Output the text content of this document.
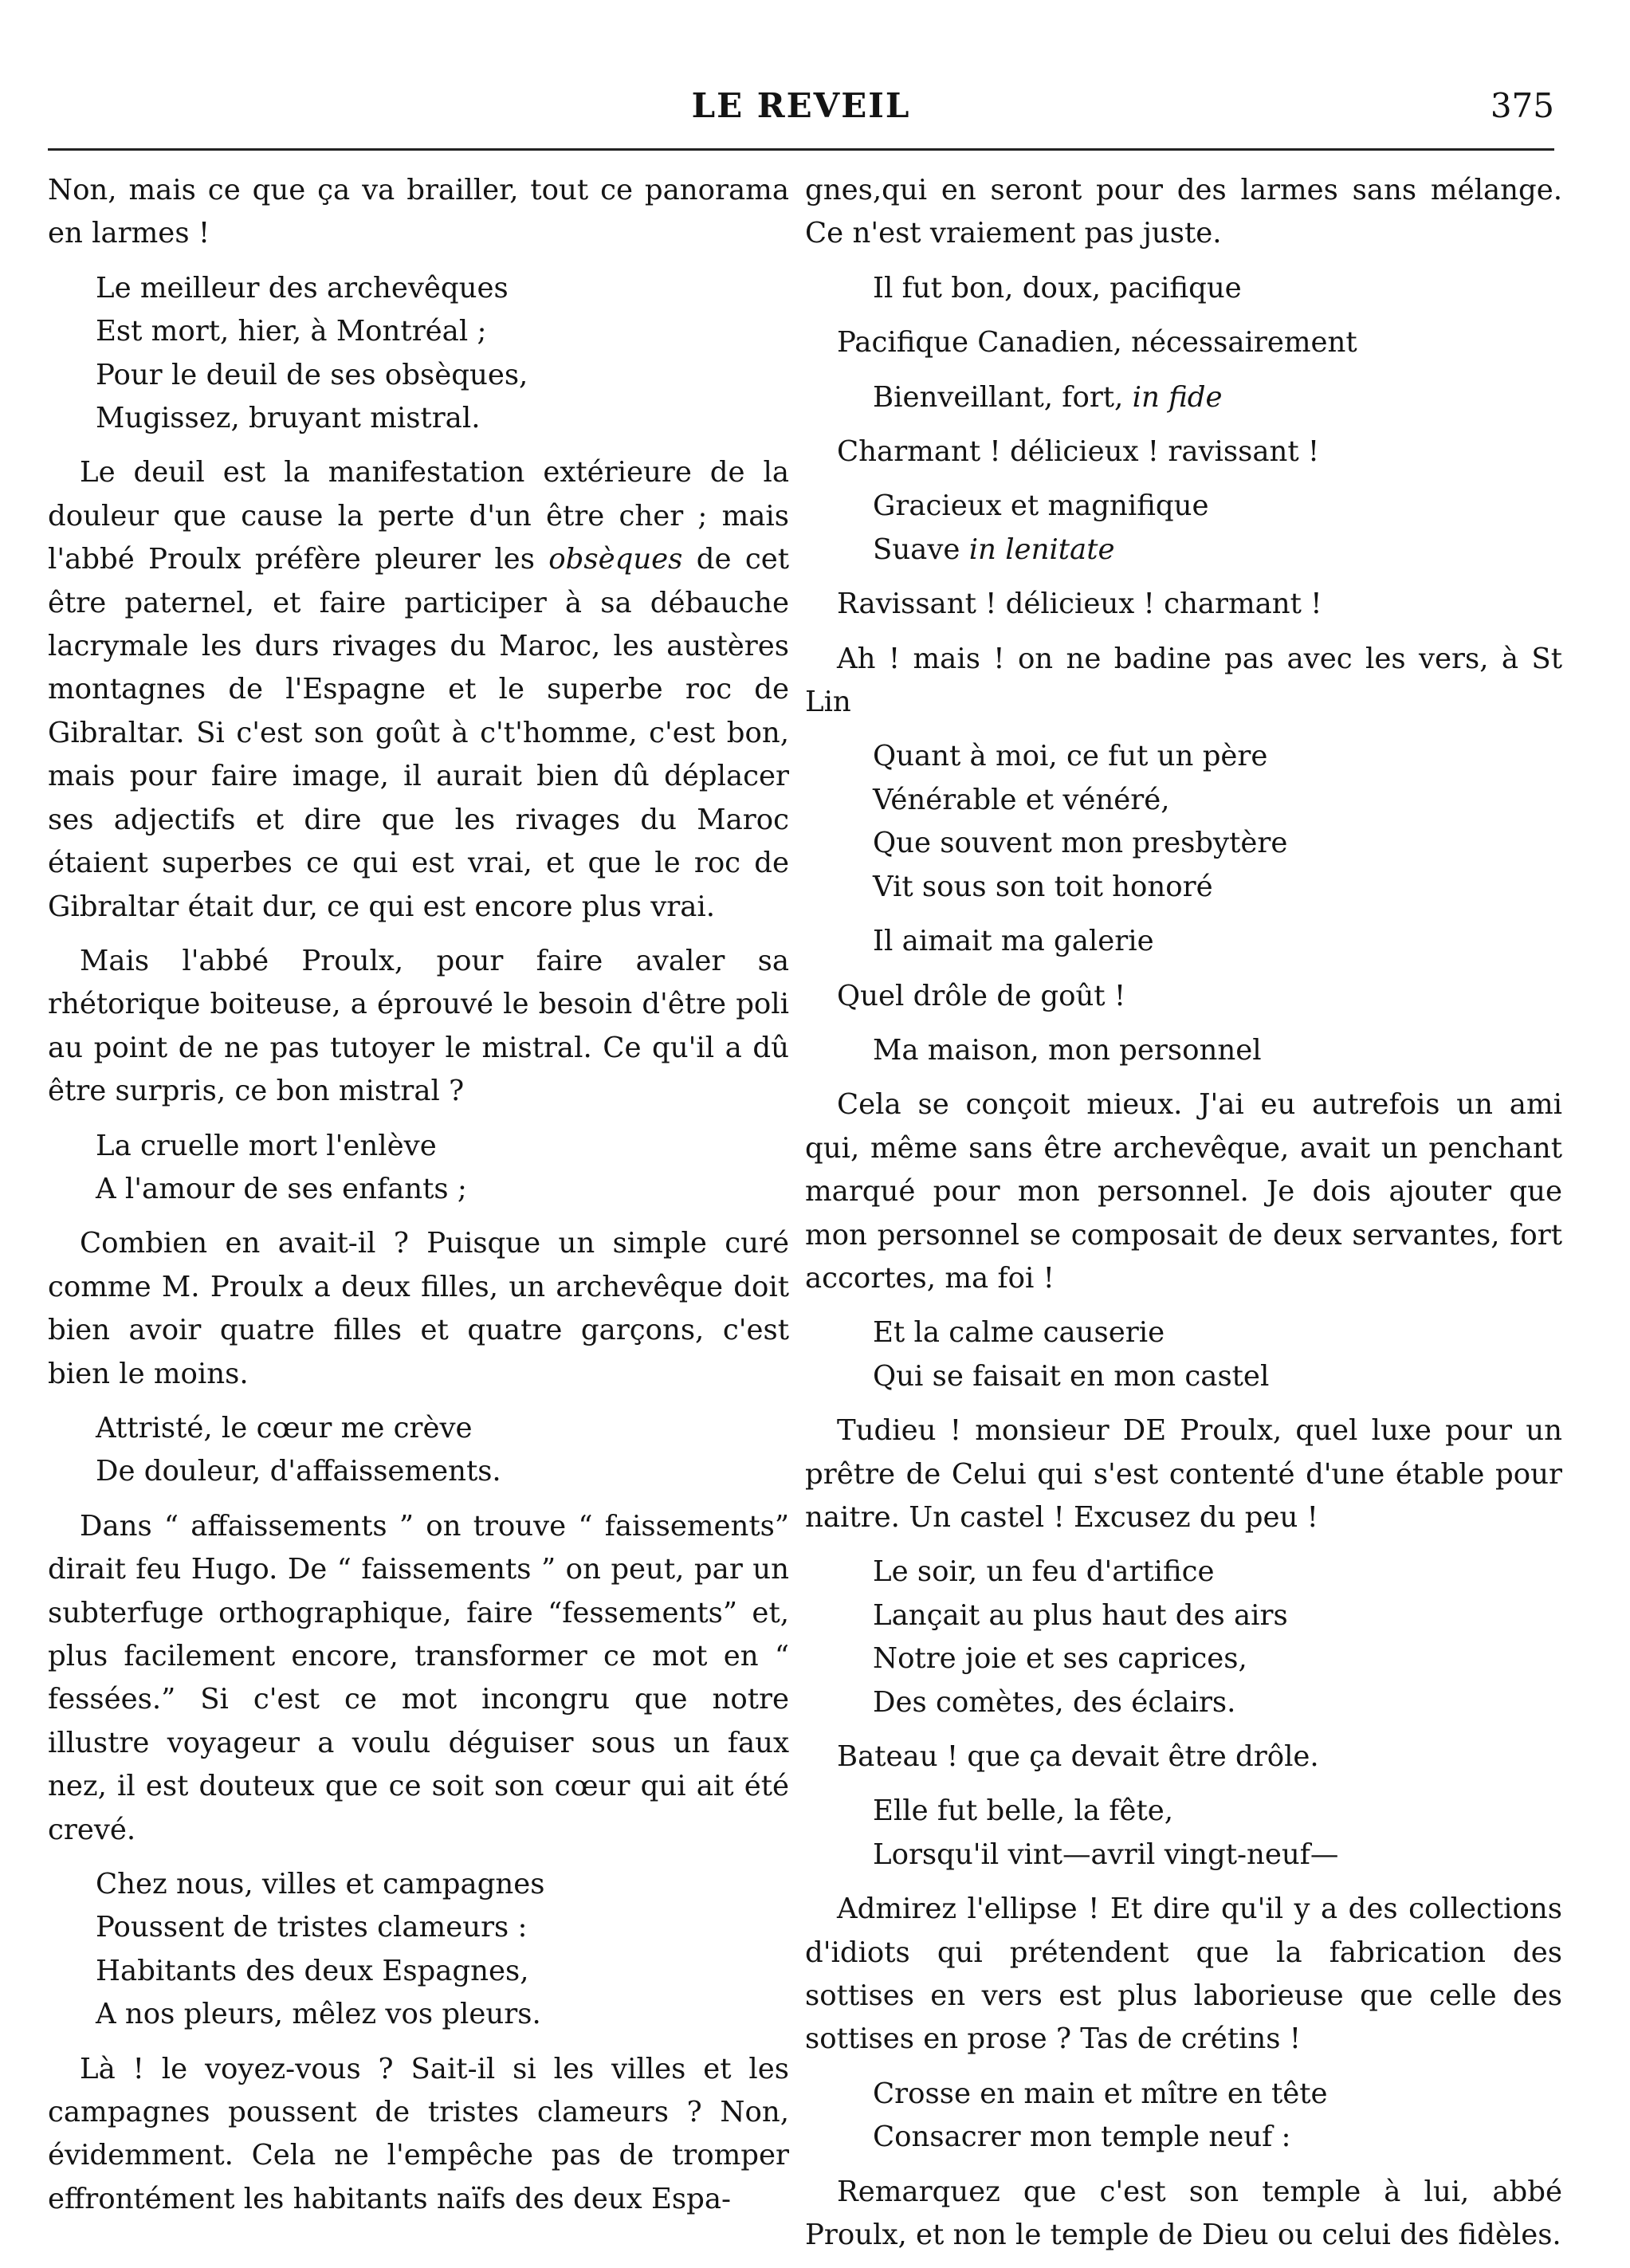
LE REVEIL	375

Non, mais ce que ça va brailler, tout ce panorama en larmes !

Le meilleur des archevêques
Est mort, hier, à Montréal ;
Pour le deuil de ses obsèques,
Mugissez, bruyant mistral.

Le deuil est la manifestation extérieure de la douleur que cause la perte d'un être cher ; mais l'abbé Proulx préfère pleurer les obsèques de cet être paternel, et faire participer à sa débauche lacrymale les durs rivages du Maroc, les austères montagnes de l'Espagne et le superbe roc de Gibraltar. Si c'est son goût à c't'homme, c'est bon, mais pour faire image, il aurait bien dû déplacer ses adjectifs et dire que les rivages du Maroc étaient superbes ce qui est vrai, et que le roc de Gibraltar était dur, ce qui est encore plus vrai.

Mais l'abbé Proulx, pour faire avaler sa rhétorique boiteuse, a éprouvé le besoin d'être poli au point de ne pas tutoyer le mistral. Ce qu'il a dû être surpris, ce bon mistral ?

La cruelle mort l'enlève
A l'amour de ses enfants ;

Combien en avait-il ? Puisque un simple curé comme M. Proulx a deux filles, un archevêque doit bien avoir quatre filles et quatre garçons, c'est bien le moins.

Attristé, le cœur me crève
De douleur, d'affaissements.

Dans “ affaissements ” on trouve “ faissements” dirait feu Hugo. De “ faissements ” on peut, par un subterfuge orthographique, faire “fessements” et, plus facilement encore, transformer ce mot en “ fessées.” Si c'est ce mot incongru que notre illustre voyageur a voulu déguiser sous un faux nez, il est douteux que ce soit son cœur qui ait été crevé.

Chez nous, villes et campagnes
Poussent de tristes clameurs :
Habitants des deux Espagnes,
A nos pleurs, mêlez vos pleurs.

Là ! le voyez-vous ? Sait-il si les villes et les campagnes poussent de tristes clameurs ? Non, évidemment. Cela ne l'empêche pas de tromper effrontément les habitants naïfs des deux Espa-

gnes,qui en seront pour des larmes sans mélange. Ce n'est vraiement pas juste.

Il fut bon, doux, pacifique

Pacifique Canadien, nécessairement

Bienveillant, fort, in fide

Charmant ! délicieux ! ravissant !

Gracieux et magnifique
Suave in lenitate

Ravissant ! délicieux ! charmant !

Ah ! mais ! on ne badine pas avec les vers, à St Lin

Quant à moi, ce fut un père
Vénérable et vénéré,
Que souvent mon presbytère
Vit sous son toit honoré
Il aimait ma galerie

Quel drôle de goût !

Ma maison, mon personnel

Cela se conçoit mieux. J'ai eu autrefois un ami qui, même sans être archevêque, avait un penchant marqué pour mon personnel. Je dois ajouter que mon personnel se composait de deux servantes, fort accortes, ma foi !

Et la calme causerie
Qui se faisait en mon castel

Tudieu ! monsieur DE Proulx, quel luxe pour un prêtre de Celui qui s'est contenté d'une étable pour naitre. Un castel ! Excusez du peu !

Le soir, un feu d'artifice
Lançait au plus haut des airs
Notre joie et ses caprices,
Des comètes, des éclairs.

Bateau ! que ça devait être drôle.

Elle fut belle, la fête,
Lorsqu'il vint—avril vingt-neuf—

Admirez l'ellipse ! Et dire qu'il y a des collections d'idiots qui prétendent que la fabrication des sottises en vers est plus laborieuse que celle des sottises en prose ? Tas de crétins !

Crosse en main et mître en tête
Consacrer mon temple neuf :

Remarquez que c'est son temple à lui, abbé Proulx, et non le temple de Dieu ou celui des fidèles.
